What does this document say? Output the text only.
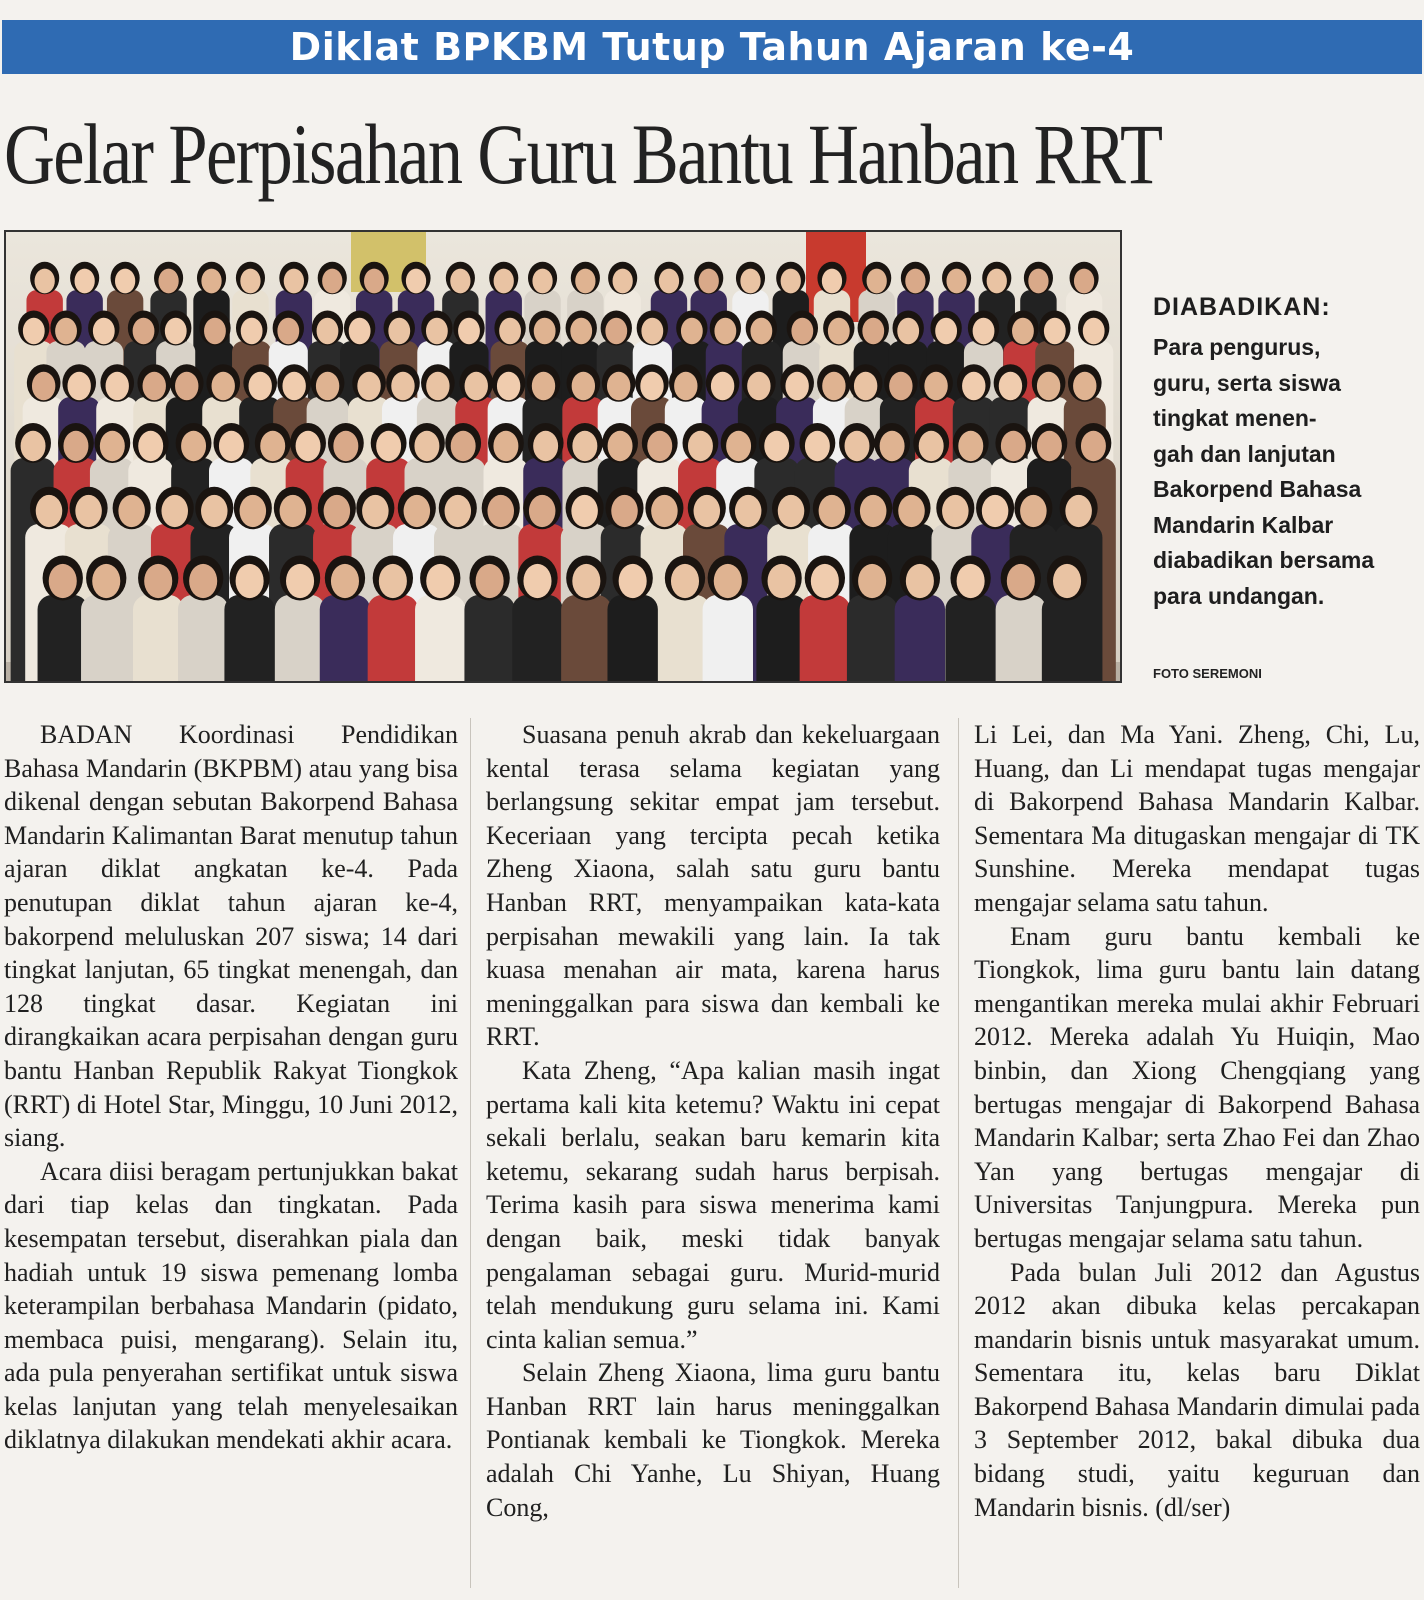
Diklat BPKBM Tutup Tahun Ajaran ke-4
Gelar Perpisahan Guru Bantu Hanban RRT
DIABADIKAN:
Para pengurus,
guru, serta siswa
tingkat menen-
gah dan lanjutan
Bakorpend Bahasa
Mandarin Kalbar
diabadikan bersama
para undangan.
FOTO SEREMONI

BADAN Koordinasi Pendidikan Bahasa Mandarin (BKPBM) atau yang bisa dikenal dengan sebutan Bakorpend Bahasa Mandarin Kalimantan Barat menutup tahun ajaran diklat angkatan ke-4. Pada penutupan diklat tahun ajaran ke-4, bakorpend meluluskan 207 siswa; 14 dari tingkat lanjutan, 65 tingkat menengah, dan 128 tingkat dasar. Kegiatan ini dirangkaikan acara perpisahan dengan guru bantu Hanban Republik Rakyat Tiongkok (RRT) di Hotel Star, Minggu, 10 Juni 2012, siang.

Acara diisi beragam pertunjukkan bakat dari tiap kelas dan tingkatan. Pada kesempatan tersebut, diserahkan piala dan hadiah untuk 19 siswa pemenang lomba keterampilan berbahasa Mandarin (pidato, membaca puisi, mengarang). Selain itu, ada pula penyerahan sertifikat untuk siswa kelas lanjutan yang telah menyelesaikan diklatnya dilakukan mendekati akhir acara.

Suasana penuh akrab dan kekeluargaan kental terasa selama kegiatan yang berlangsung sekitar empat jam tersebut. Keceriaan yang tercipta pecah ketika Zheng Xiaona, salah satu guru bantu Hanban RRT, menyampaikan kata-kata perpisahan mewakili yang lain. Ia tak kuasa menahan air mata, karena harus meninggalkan para siswa dan kembali ke RRT.

Kata Zheng, “Apa kalian masih ingat pertama kali kita ketemu? Waktu ini cepat sekali berlalu, seakan baru kemarin kita ketemu, sekarang sudah harus berpisah. Terima kasih para siswa menerima kami dengan baik, meski tidak banyak pengalaman sebagai guru. Murid-murid telah mendukung guru selama ini. Kami cinta kalian semua.”

Selain Zheng Xiaona, lima guru bantu Hanban RRT lain harus meninggalkan Pontianak kembali ke Tiongkok. Mereka adalah Chi Yanhe, Lu Shiyan, Huang Cong,

Li Lei, dan Ma Yani. Zheng, Chi, Lu, Huang, dan Li mendapat tugas mengajar di Bakorpend Bahasa Mandarin Kalbar. Sementara Ma ditugaskan mengajar di TK Sunshine. Mereka mendapat tugas mengajar selama satu tahun.

Enam guru bantu kembali ke Tiongkok, lima guru bantu lain datang mengantikan mereka mulai akhir Februari 2012. Mereka adalah Yu Huiqin, Mao binbin, dan Xiong Chengqiang yang bertugas mengajar di Bakorpend Bahasa Mandarin Kalbar; serta Zhao Fei dan Zhao Yan yang bertugas mengajar di Universitas Tanjungpura. Mereka pun bertugas mengajar selama satu tahun.

Pada bulan Juli 2012 dan Agustus 2012 akan dibuka kelas percakapan mandarin bisnis untuk masyarakat umum. Sementara itu, kelas baru Diklat Bakorpend Bahasa Mandarin dimulai pada 3 September 2012, bakal dibuka dua bidang studi, yaitu keguruan dan Mandarin bisnis. (dl/ser)
